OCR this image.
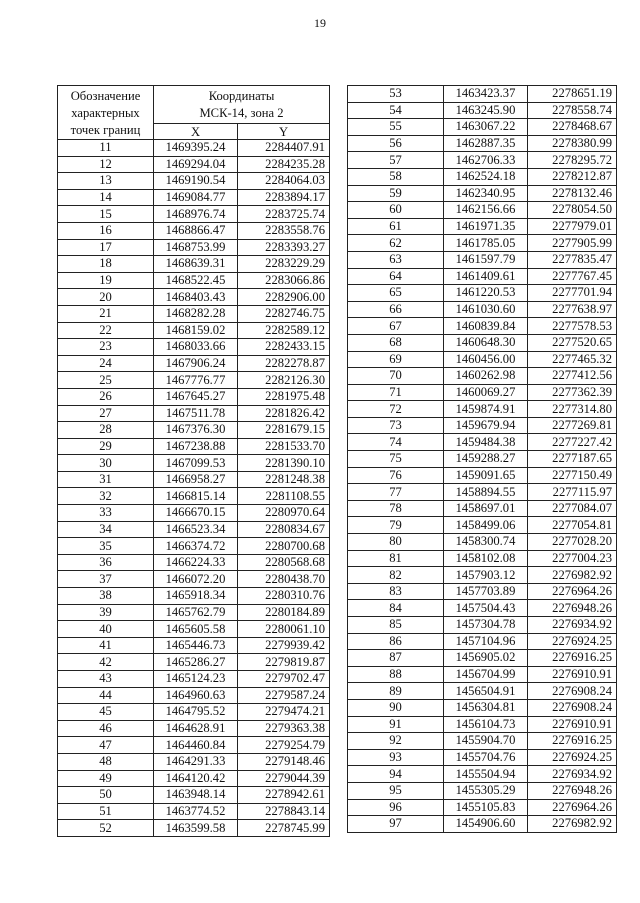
19
Обозначение
характерных
точек границ	Координаты
МСК-14, зона 2	
	X	Y
11	1469395.24	2284407.91
12	1469294.04	2284235.28
13	1469190.54	2284064.03
14	1469084.77	2283894.17
15	1468976.74	2283725.74
16	1468866.47	2283558.76
17	1468753.99	2283393.27
18	1468639.31	2283229.29
19	1468522.45	2283066.86
20	1468403.43	2282906.00
21	1468282.28	2282746.75
22	1468159.02	2282589.12
23	1468033.66	2282433.15
24	1467906.24	2282278.87
25	1467776.77	2282126.30
26	1467645.27	2281975.48
27	1467511.78	2281826.42
28	1467376.30	2281679.15
29	1467238.88	2281533.70
30	1467099.53	2281390.10
31	1466958.27	2281248.38
32	1466815.14	2281108.55
33	1466670.15	2280970.64
34	1466523.34	2280834.67
35	1466374.72	2280700.68
36	1466224.33	2280568.68
37	1466072.20	2280438.70
38	1465918.34	2280310.76
39	1465762.79	2280184.89
40	1465605.58	2280061.10
41	1465446.73	2279939.42
42	1465286.27	2279819.87
43	1465124.23	2279702.47
44	1464960.63	2279587.24
45	1464795.52	2279474.21
46	1464628.91	2279363.38
47	1464460.84	2279254.79
48	1464291.33	2279148.46
49	1464120.42	2279044.39
50	1463948.14	2278942.61
51	1463774.52	2278843.14
52	1463599.58	2278745.99
53	1463423.37	2278651.19
54	1463245.90	2278558.74
55	1463067.22	2278468.67
56	1462887.35	2278380.99
57	1462706.33	2278295.72
58	1462524.18	2278212.87
59	1462340.95	2278132.46
60	1462156.66	2278054.50
61	1461971.35	2277979.01
62	1461785.05	2277905.99
63	1461597.79	2277835.47
64	1461409.61	2277767.45
65	1461220.53	2277701.94
66	1461030.60	2277638.97
67	1460839.84	2277578.53
68	1460648.30	2277520.65
69	1460456.00	2277465.32
70	1460262.98	2277412.56
71	1460069.27	2277362.39
72	1459874.91	2277314.80
73	1459679.94	2277269.81
74	1459484.38	2277227.42
75	1459288.27	2277187.65
76	1459091.65	2277150.49
77	1458894.55	2277115.97
78	1458697.01	2277084.07
79	1458499.06	2277054.81
80	1458300.74	2277028.20
81	1458102.08	2277004.23
82	1457903.12	2276982.92
83	1457703.89	2276964.26
84	1457504.43	2276948.26
85	1457304.78	2276934.92
86	1457104.96	2276924.25
87	1456905.02	2276916.25
88	1456704.99	2276910.91
89	1456504.91	2276908.24
90	1456304.81	2276908.24
91	1456104.73	2276910.91
92	1455904.70	2276916.25
93	1455704.76	2276924.25
94	1455504.94	2276934.92
95	1455305.29	2276948.26
96	1455105.83	2276964.26
97	1454906.60	2276982.92
